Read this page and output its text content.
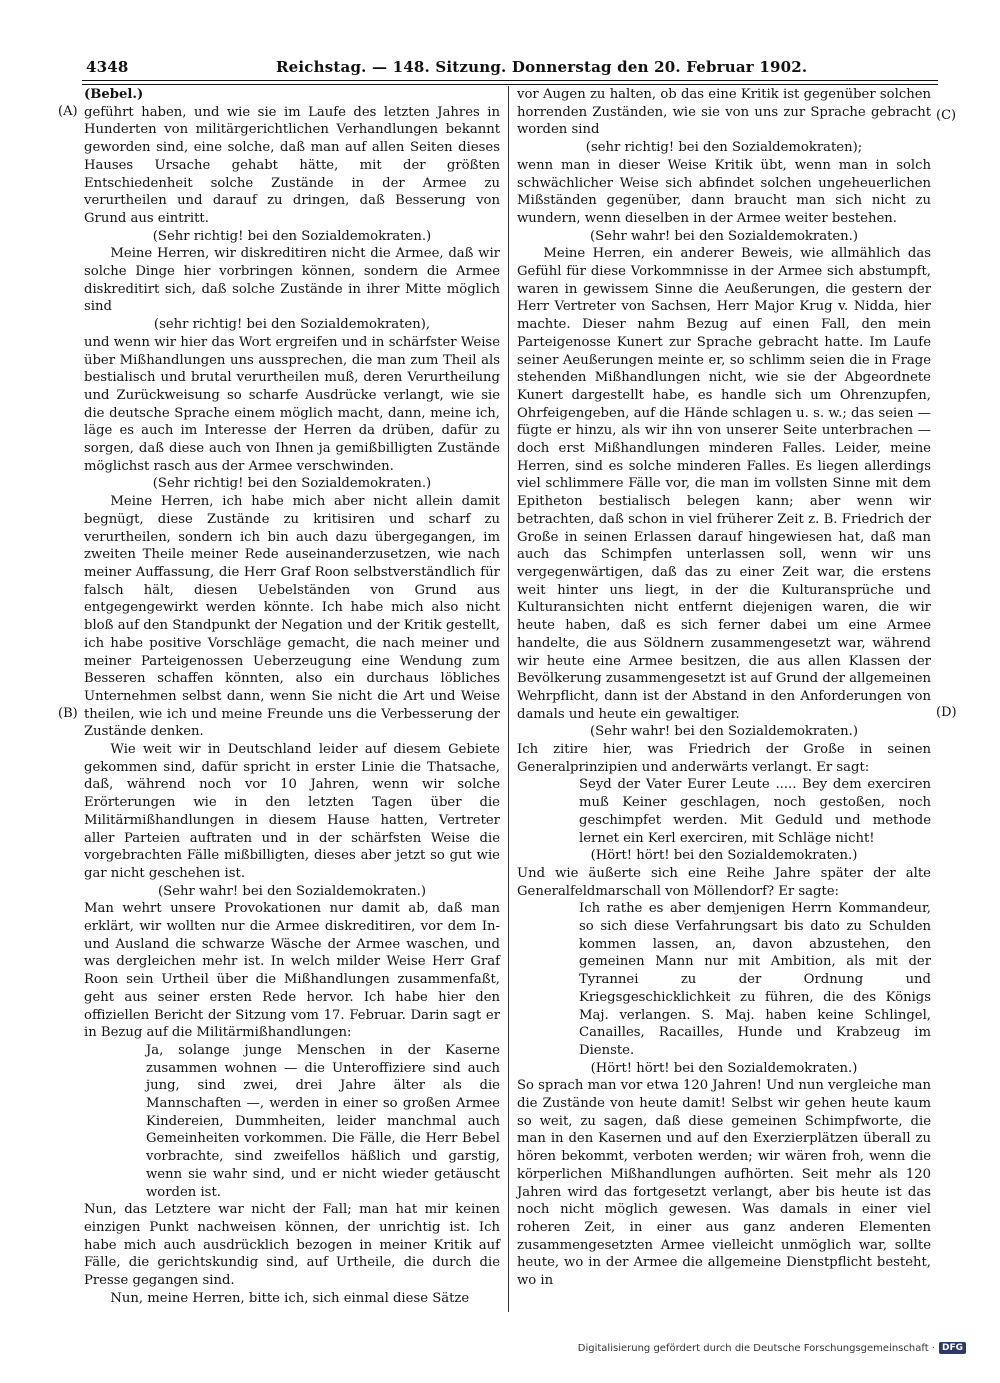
4348	Reichstag. — 148. Sitzung. Donnerstag den 20. Februar 1902.
(A)
(B)
(C)
(D)

(Bebel.)

geführt haben, und wie sie im Laufe des letzten Jahres in Hunderten von militärgerichtlichen Verhandlungen bekannt geworden sind, eine solche, daß man auf allen Seiten dieses Hauses Ursache gehabt hätte, mit der größten Entschiedenheit solche Zustände in der Armee zu verurtheilen und darauf zu dringen, daß Besserung von Grund aus eintritt.

(Sehr richtig! bei den Sozialdemokraten.)

Meine Herren, wir diskreditiren nicht die Armee, daß wir solche Dinge hier vorbringen können, sondern die Armee diskreditirt sich, daß solche Zustände in ihrer Mitte möglich sind

(sehr richtig! bei den Sozialdemokraten),

und wenn wir hier das Wort ergreifen und in schärfster Weise über Mißhandlungen uns aussprechen, die man zum Theil als bestialisch und brutal verurtheilen muß, deren Verurtheilung und Zurückweisung so scharfe Ausdrücke verlangt, wie sie die deutsche Sprache einem möglich macht, dann, meine ich, läge es auch im Interesse der Herren da drüben, dafür zu sorgen, daß diese auch von Ihnen ja gemißbilligten Zustände möglichst rasch aus der Armee verschwinden.

(Sehr richtig! bei den Sozialdemokraten.)

Meine Herren, ich habe mich aber nicht allein damit begnügt, diese Zustände zu kritisiren und scharf zu verurtheilen, sondern ich bin auch dazu übergegangen, im zweiten Theile meiner Rede auseinanderzusetzen, wie nach meiner Auffassung, die Herr Graf Roon selbstverständlich für falsch hält, diesen Uebelständen von Grund aus entgegengewirkt werden könnte. Ich habe mich also nicht bloß auf den Standpunkt der Negation und der Kritik gestellt, ich habe positive Vorschläge gemacht, die nach meiner und meiner Parteigenossen Ueberzeugung eine Wendung zum Besseren schaffen könnten, also ein durchaus löbliches Unternehmen selbst dann, wenn Sie nicht die Art und Weise theilen, wie ich und meine Freunde uns die Verbesserung der Zustände denken.

Wie weit wir in Deutschland leider auf diesem Gebiete gekommen sind, dafür spricht in erster Linie die Thatsache, daß, während noch vor 10 Jahren, wenn wir solche Erörterungen wie in den letzten Tagen über die Militärmißhandlungen in diesem Hause hatten, Vertreter aller Parteien auftraten und in der schärfsten Weise die vorgebrachten Fälle mißbilligten, dieses aber jetzt so gut wie gar nicht geschehen ist.

(Sehr wahr! bei den Sozialdemokraten.)

Man wehrt unsere Provokationen nur damit ab, daß man erklärt, wir wollten nur die Armee diskreditiren, vor dem In- und Ausland die schwarze Wäsche der Armee waschen, und was dergleichen mehr ist. In welch milder Weise Herr Graf Roon sein Urtheil über die Mißhandlungen zusammenfaßt, geht aus seiner ersten Rede hervor. Ich habe hier den offiziellen Bericht der Sitzung vom 17. Februar. Darin sagt er in Bezug auf die Militärmißhandlungen:

Ja, solange junge Menschen in der Kaserne zusammen wohnen — die Unteroffiziere sind auch jung, sind zwei, drei Jahre älter als die Mannschaften —, werden in einer so großen Armee Kindereien, Dummheiten, leider manchmal auch Gemeinheiten vorkommen. Die Fälle, die Herr Bebel vorbrachte, sind zweifellos häßlich und garstig, wenn sie wahr sind, und er nicht wieder getäuscht worden ist.

Nun, das Letztere war nicht der Fall; man hat mir keinen einzigen Punkt nachweisen können, der unrichtig ist. Ich habe mich auch ausdrücklich bezogen in meiner Kritik auf Fälle, die gerichtskundig sind, auf Urtheile, die durch die Presse gegangen sind.

Nun, meine Herren, bitte ich, sich einmal diese Sätze

vor Augen zu halten, ob das eine Kritik ist gegenüber solchen horrenden Zuständen, wie sie von uns zur Sprache gebracht worden sind

(sehr richtig! bei den Sozialdemokraten);

wenn man in dieser Weise Kritik übt, wenn man in solch schwächlicher Weise sich abfindet solchen ungeheuerlichen Mißständen gegenüber, dann braucht man sich nicht zu wundern, wenn dieselben in der Armee weiter bestehen.

(Sehr wahr! bei den Sozialdemokraten.)

Meine Herren, ein anderer Beweis, wie allmählich das Gefühl für diese Vorkommnisse in der Armee sich abstumpft, waren in gewissem Sinne die Aeußerungen, die gestern der Herr Vertreter von Sachsen, Herr Major Krug v. Nidda, hier machte. Dieser nahm Bezug auf einen Fall, den mein Parteigenosse Kunert zur Sprache gebracht hatte. Im Laufe seiner Aeußerungen meinte er, so schlimm seien die in Frage stehenden Mißhandlungen nicht, wie sie der Abgeordnete Kunert dargestellt habe, es handle sich um Ohrenzupfen, Ohrfeigengeben, auf die Hände schlagen u. s. w.; das seien — fügte er hinzu, als wir ihn von unserer Seite unterbrachen — doch erst Mißhandlungen minderen Falles. Leider, meine Herren, sind es solche minderen Falles. Es liegen allerdings viel schlimmere Fälle vor, die man im vollsten Sinne mit dem Epitheton bestialisch belegen kann; aber wenn wir betrachten, daß schon in viel früherer Zeit z. B. Friedrich der Große in seinen Erlassen darauf hingewiesen hat, daß man auch das Schimpfen unterlassen soll, wenn wir uns vergegenwärtigen, daß das zu einer Zeit war, die erstens weit hinter uns liegt, in der die Kulturansprüche und Kulturansichten nicht entfernt diejenigen waren, die wir heute haben, daß es sich ferner dabei um eine Armee handelte, die aus Söldnern zusammengesetzt war, während wir heute eine Armee besitzen, die aus allen Klassen der Bevölkerung zusammengesetzt ist auf Grund der allgemeinen Wehrpflicht, dann ist der Abstand in den Anforderungen von damals und heute ein gewaltiger.

(Sehr wahr! bei den Sozialdemokraten.)

Ich zitire hier, was Friedrich der Große in seinen Generalprinzipien und anderwärts verlangt. Er sagt:

Seyd der Vater Eurer Leute ..... Bey dem exerciren muß Keiner geschlagen, noch gestoßen, noch geschimpfet werden. Mit Geduld und methode lernet ein Kerl exerciren, mit Schläge nicht!

(Hört! hört! bei den Sozialdemokraten.)

Und wie äußerte sich eine Reihe Jahre später der alte Generalfeldmarschall von Möllendorf? Er sagte:

Ich rathe es aber demjenigen Herrn Kommandeur, so sich diese Verfahrungsart bis dato zu Schulden kommen lassen, an, davon abzustehen, den gemeinen Mann nur mit Ambition, als mit der Tyrannei zu der Ordnung und Kriegsgeschicklichkeit zu führen, die des Königs Maj. verlangen. S. Maj. haben keine Schlingel, Canailles, Racailles, Hunde und Krabzeug im Dienste.

(Hört! hört! bei den Sozialdemokraten.)

So sprach man vor etwa 120 Jahren! Und nun vergleiche man die Zustände von heute damit! Selbst wir gehen heute kaum so weit, zu sagen, daß diese gemeinen Schimpfworte, die man in den Kasernen und auf den Exerzierplätzen überall zu hören bekommt, verboten werden; wir wären froh, wenn die körperlichen Mißhandlungen aufhörten. Seit mehr als 120 Jahren wird das fortgesetzt verlangt, aber bis heute ist das noch nicht möglich gewesen. Was damals in einer viel roheren Zeit, in einer aus ganz anderen Elementen zusammengesetzten Armee vielleicht unmöglich war, sollte heute, wo in der Armee die allgemeine Dienstpflicht besteht, wo in

Digitalisierung gefördert durch die Deutsche Forschungsgemeinschaft · DFG
